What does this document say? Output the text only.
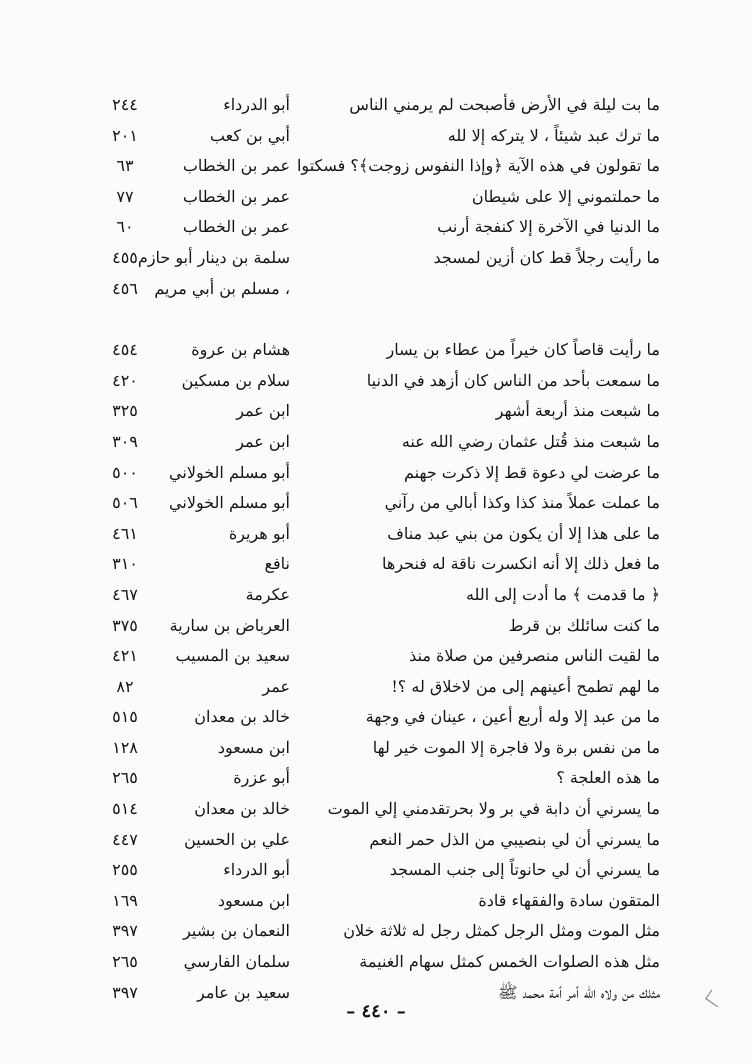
ما بت ليلة في الأرض فأصبحت لم يرمني الناس
أبو الدرداء
٢٤٤
ما ترك عبد شيئاً ، لا يتركه إلا لله
أبي بن كعب
٢٠١
ما تقولون في هذه الآية ﴿وإذا النفوس زوجت﴾؟ فسكتوا
عمر بن الخطاب
٦٣
ما حملتموني إلا على شيطان
عمر بن الخطاب
٧٧
ما الدنيا في الآخرة إلا كنفجة أرنب
عمر بن الخطاب
٦٠
ما رأيت رجلاً قط كان أزين لمسجد
سلمة بن دينار أبو حازم
٤٥٥
، مسلم بن أبي مريم
٤٥٦
ما رأيت قاصاً كان خيراً من عطاء بن يسار
هشام بن عروة
٤٥٤
ما سمعت بأحد من الناس كان أزهد في الدنيا
سلام بن مسكين
٤٢٠
ما شبعت منذ أربعة أشهر
ابن عمر
٣٢٥
ما شبعت منذ قُتل عثمان رضي الله عنه
ابن عمر
٣٠٩
ما عرضت لي دعوة قط إلا ذكرت جهنم
أبو مسلم الخولاني
٥٠٠
ما عملت عملاً منذ كذا وكذا أبالي من رآني
أبو مسلم الخولاني
٥٠٦
ما على هذا إلا أن يكون من بني عبد مناف
أبو هريرة
٤٦١
ما فعل ذلك إلا أنه انكسرت ناقة له فنحرها
نافع
٣١٠
﴿ ما قدمت ﴾ ما أدت إلى الله
عكرمة
٤٦٧
ما كنت سائلك بن قرط
العرباض بن سارية
٣٧٥
ما لقيت الناس منصرفين من صلاة منذ
سعيد بن المسيب
٤٢١
ما لهم تطمح أعينهم إلى من لاخلاق له ؟!
عمر
٨٢
ما من عبد إلا وله أربع أعين ، عينان في وجهة
خالد بن معدان
٥١٥
ما من نفس برة ولا فاجرة إلا الموت خير لها
ابن مسعود
١٢٨
ما هذه العلجة ؟
أبو عزرة
٢٦٥
ما يسرني أن دابة في بر ولا بحرتقدمني إلي الموت
خالد بن معدان
٥١٤
ما يسرني أن لي بنصيبي من الذل حمر النعم
علي بن الحسين
٤٤٧
ما يسرني أن لي حانوتاً إلى جنب المسجد
أبو الدرداء
٢٥٥
المتقون سادة والفقهاء قادة
ابن مسعود
١٦٩
مثل الموت ومثل الرجل كمثل رجل له ثلاثة خلان
النعمان بن بشير
٣٩٧
مثل هذه الصلوات الخمس كمثل سهام الغنيمة
سلمان الفارسي
٢٦٥
مثلك من ولاه الله أمر أمة محمد ﷺ
سعيد بن عامر
٣٩٧
– ٤٤٠ –
